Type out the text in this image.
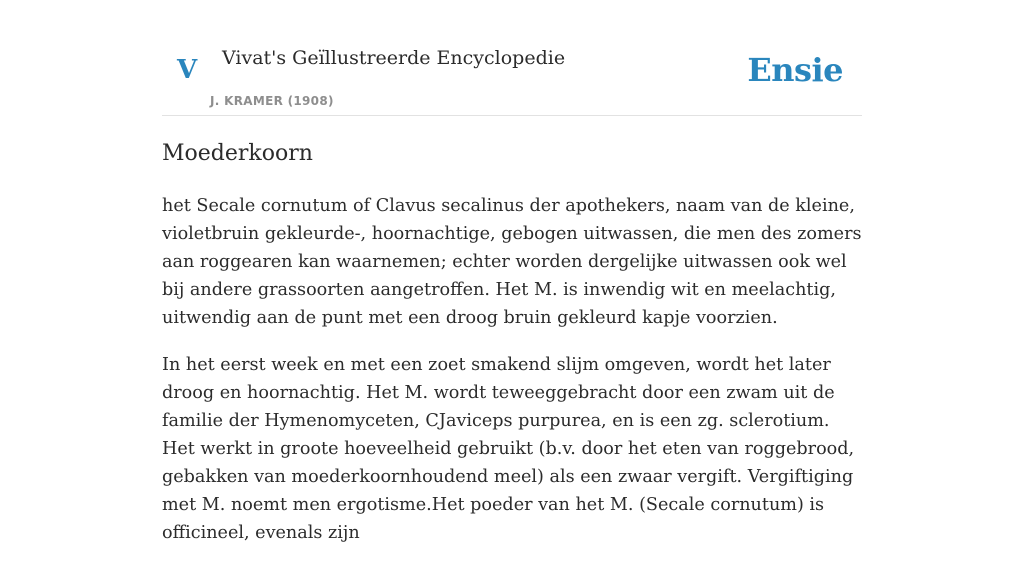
V Vivat's Geïllustreerde Encyclopedie
J. KRAMER (1908)
Ensie
Moederkoorn

het Secale cornutum of Clavus secalinus der apothekers, naam van de kleine, violetbruin gekleurde-, hoornachtige, gebogen uitwassen, die men des zomers aan roggearen kan waarnemen; echter worden dergelijke uitwassen ook wel bij andere grassoorten aangetroffen. Het M. is inwendig wit en meelachtig, uitwendig aan de punt met een droog bruin gekleurd kapje voorzien.

In het eerst week en met een zoet smakend slijm omgeven, wordt het later droog en hoornachtig. Het M. wordt teweeggebracht door een zwam uit de familie der Hymenomyceten, CJaviceps purpurea, en is een zg. sclerotium. Het werkt in groote hoeveelheid gebruikt (b.v. door het eten van roggebrood, gebakken van moederkoornhoudend meel) als een zwaar vergift. Vergiftiging met M. noemt men ergotisme.Het poeder van het M. (Secale cornutum) is officineel, evenals zijn
